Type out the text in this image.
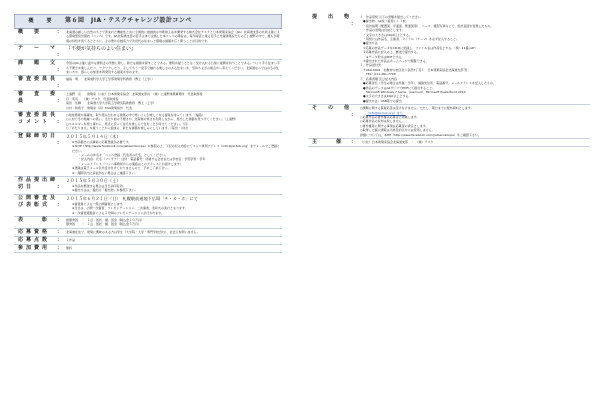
概　要	第６回　JIA・テスクチャレンジ設計コンペ
概　要	： 北海道の厳しい自然のもとで育まれた機能性と共に全国的に独創的な外断熱工法を開発する株式会社テスクと日本建築家協会（JIA）北海道支部の共同主催による環境型設計競技（コンペ）です。JIA北海道支部の若手主体で企画した本コンペの趣旨は、毎年時流に乗る若手と先輩建築家たちの広い視野の中で、誰もが環境の持続を育てるとともに、その豊かな創造力で次世代の住まいと環境の価値を広く問うことが目的です。

テ　ー　マ
：
『不便が気持ちのよい住まい』
課　題　文
：

今回のJIA主催に温かな便利さの実態に際し、新たな価値を探すことである。便利を疑うことなく受け入れる日常に疑問を持つことである。つくり手も住まい手も不便さを楽しんだり、ワクワクしたり、そしてもう一度手で触れる楽しさのある住まいを、気持ちよさの視点から考えてください。北海道ならではの冬の住まい方や、暮らしの知恵を再発見する提案を求めます。

審査委員長
：

福島　明　　北海道科学大学工学部建築学科教授（博士（工学））

審　査　委　員	：

上遠野　克　　建築家（公社）日本建築家協会　北海道支部長　（株）上遠野建築事務所　代表取締役

丹　英司　　（株）テスク　代表取締役

菊田　弘輝　　北海道大学大学院工学研究院助教授　博士（工学）

川村　和希子　建築家（有）TAO建築設計　代表

審査委員長コメント ：

○地球環境や基礎化、取り組みがわれる建築の中で寒いうらが楽しくなる提案を待っています。（福島）

○人村で冬や地域への思い、当たり前の不便さや、北海道の寒さを利用しながら、見出した価値を見つけてください。（上遠野）

○エネルギーを使う事から、原点に戻って住宅を楽しんで住むことが考えてください。（丹）

○「あたりまえ」を疑うことから始まる、新たな価値を楽しみにしています。（菊田・川村）

登録締切日
：

２０１５年５月１４日（木）

※作品提出には事前に応募登録が必要です。

※本HP（http://www.facebook.com/jiatescokonpe）を参照の上、下記の記入内容にてコンペ専用アドレス（info@jia-hok.org）までメールでご登録ください。

・メールの件名を「コンペ登録　代表者の氏名」としてください。

・記入内容：氏名（フリガナ）・住所・電話番号・所属する会社または学校名・学部学科・学年

・メールアドレス（コンペ事務局からの連絡はこのアドレスにお届けします）

※登録は電子メール以外受け付けておりませんので、予めご了承下さい。

※一週間以内に返信がない場合はご連絡下さい。

作品提出締切日	：

２０１５年５月３０日（土）

※作品を郵送する場合は当日消印有効。

※提出方法は、後記の「提出物」を参照下さい。

公開審査及び表彰式 ：

２０１５年６月２１日（日）　札幌駅前通地下広場「チ・カ・ホ」にて

※審査員による一般公開審査とします。

※当日は、公開一次審査、プレゼンテーション、二次審査、表彰式の流れとなります。

※一次審査通過者による５分間のプレゼンテーションが行われます。

表　　彰 ： 最優秀賞　／　１点　賞状、楯、賞金（税込金１０万円）

優秀賞　　／　２点　賞状、楯、賞金（税込金５万円）

応募資格 ：	北海道在住で、建築に興味のある方は学生（大学院・大学・専門学校含む）、社会人を問いません。
応募点数 ：	１作品
参加費用 ：	無料
提　出　物
：

１．作品用紙 以下の書類を提出してください

　●提出物：A2版（縦使い）１枚。

　・設計説明（配置図、平面図、断面図等）、パース、模型写真などで、設計意図を表現したもの。

　・作品の表現は自由とします。

　・文字の大きさは10pt以上とする。

　・用紙には作品名、主催者、タイトル（テーマ）を必ず記入すること。

　●提出方法

　①応募の作品データをCD-Rに記録し、ファイル名は作品名とする。（例：11番.pdf）

　②応募作品に記入の上、郵送で提出する。

　　※データ形式はPDFとする。

　③提出された作品はホームページで閲覧できる。

２．作品送付先

　〒060-0001　札幌市中央区北１条西7丁目１　日本建築家協会北海道支部 宛

　　TEL：011-261-7709

３．応募書類 及び記入内容

　●応募者名（学生の場合は所属・学年）、連絡先住所、電話番号、メールアドレスを記入したもの。

　●作品のデータはA4サイズでPDFにて提出すること。

　　Microsoft Windows 7 home　premium、Microsoft PowerPoint 2010

　●文字の大きさは10pt以上とする。

　●提出方法：USB等での提出

そ　の　他
：

○課題に関する質疑応答は受け付けません。ただし、期日までに配布資料とします。

（info@jia-hok.org）まで。

○応募作品の著作権は応募者に帰属します。

○応募作品の返却は致しません。

○著作権等に関する事項は応募者の責任とします。

○取得した個人情報は当該目的以外には使用しません。

詳細については、本HP（http://www.facebook.com/jiatescokonpe）をご確認下さい。

主　　催 ：	（公社）日本建築家協会北海道支部　・　（株）テスク
